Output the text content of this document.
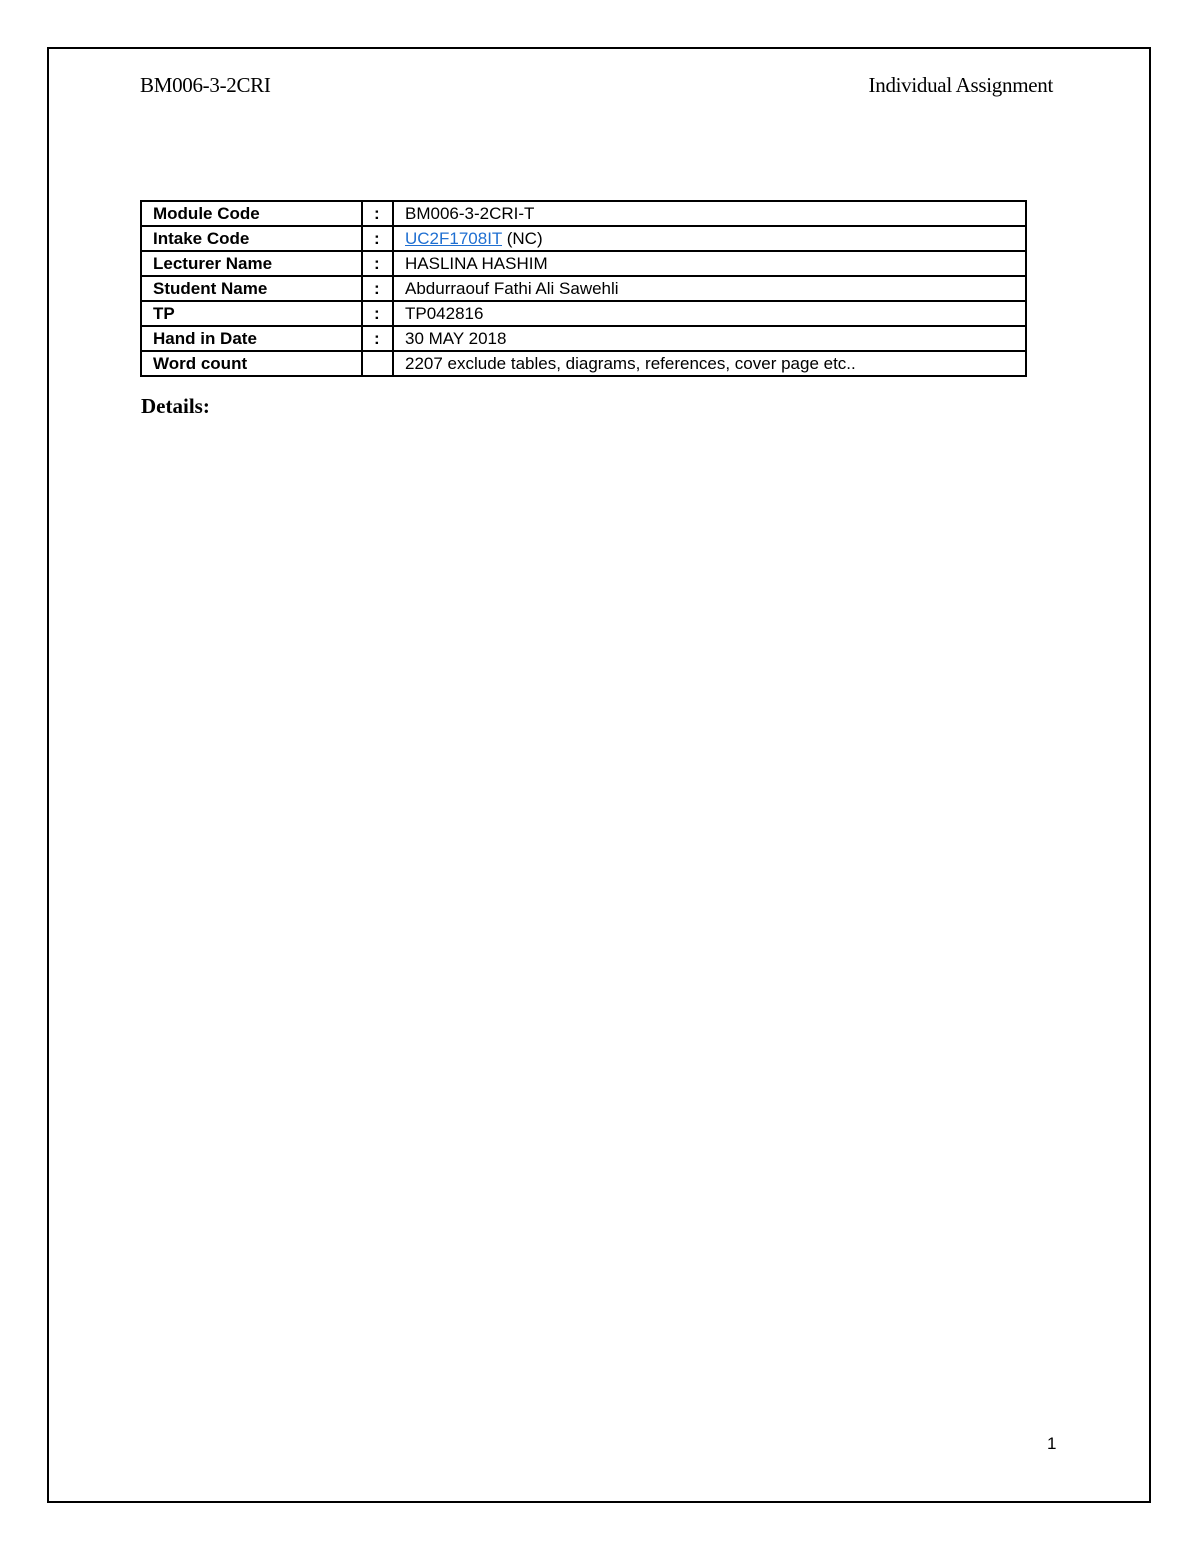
BM006-3-2CRI	Individual Assignment
Module Code	:	BM006-3-2CRI-T
Intake Code	:	UC2F1708IT (NC)
Lecturer Name	:	HASLINA HASHIM
Student Name	:	Abdurraouf Fathi Ali Sawehli
TP	:	TP042816
Hand in Date	:	30 MAY 2018
Word count		2207 exclude tables, diagrams, references, cover page etc..
Details:
1
